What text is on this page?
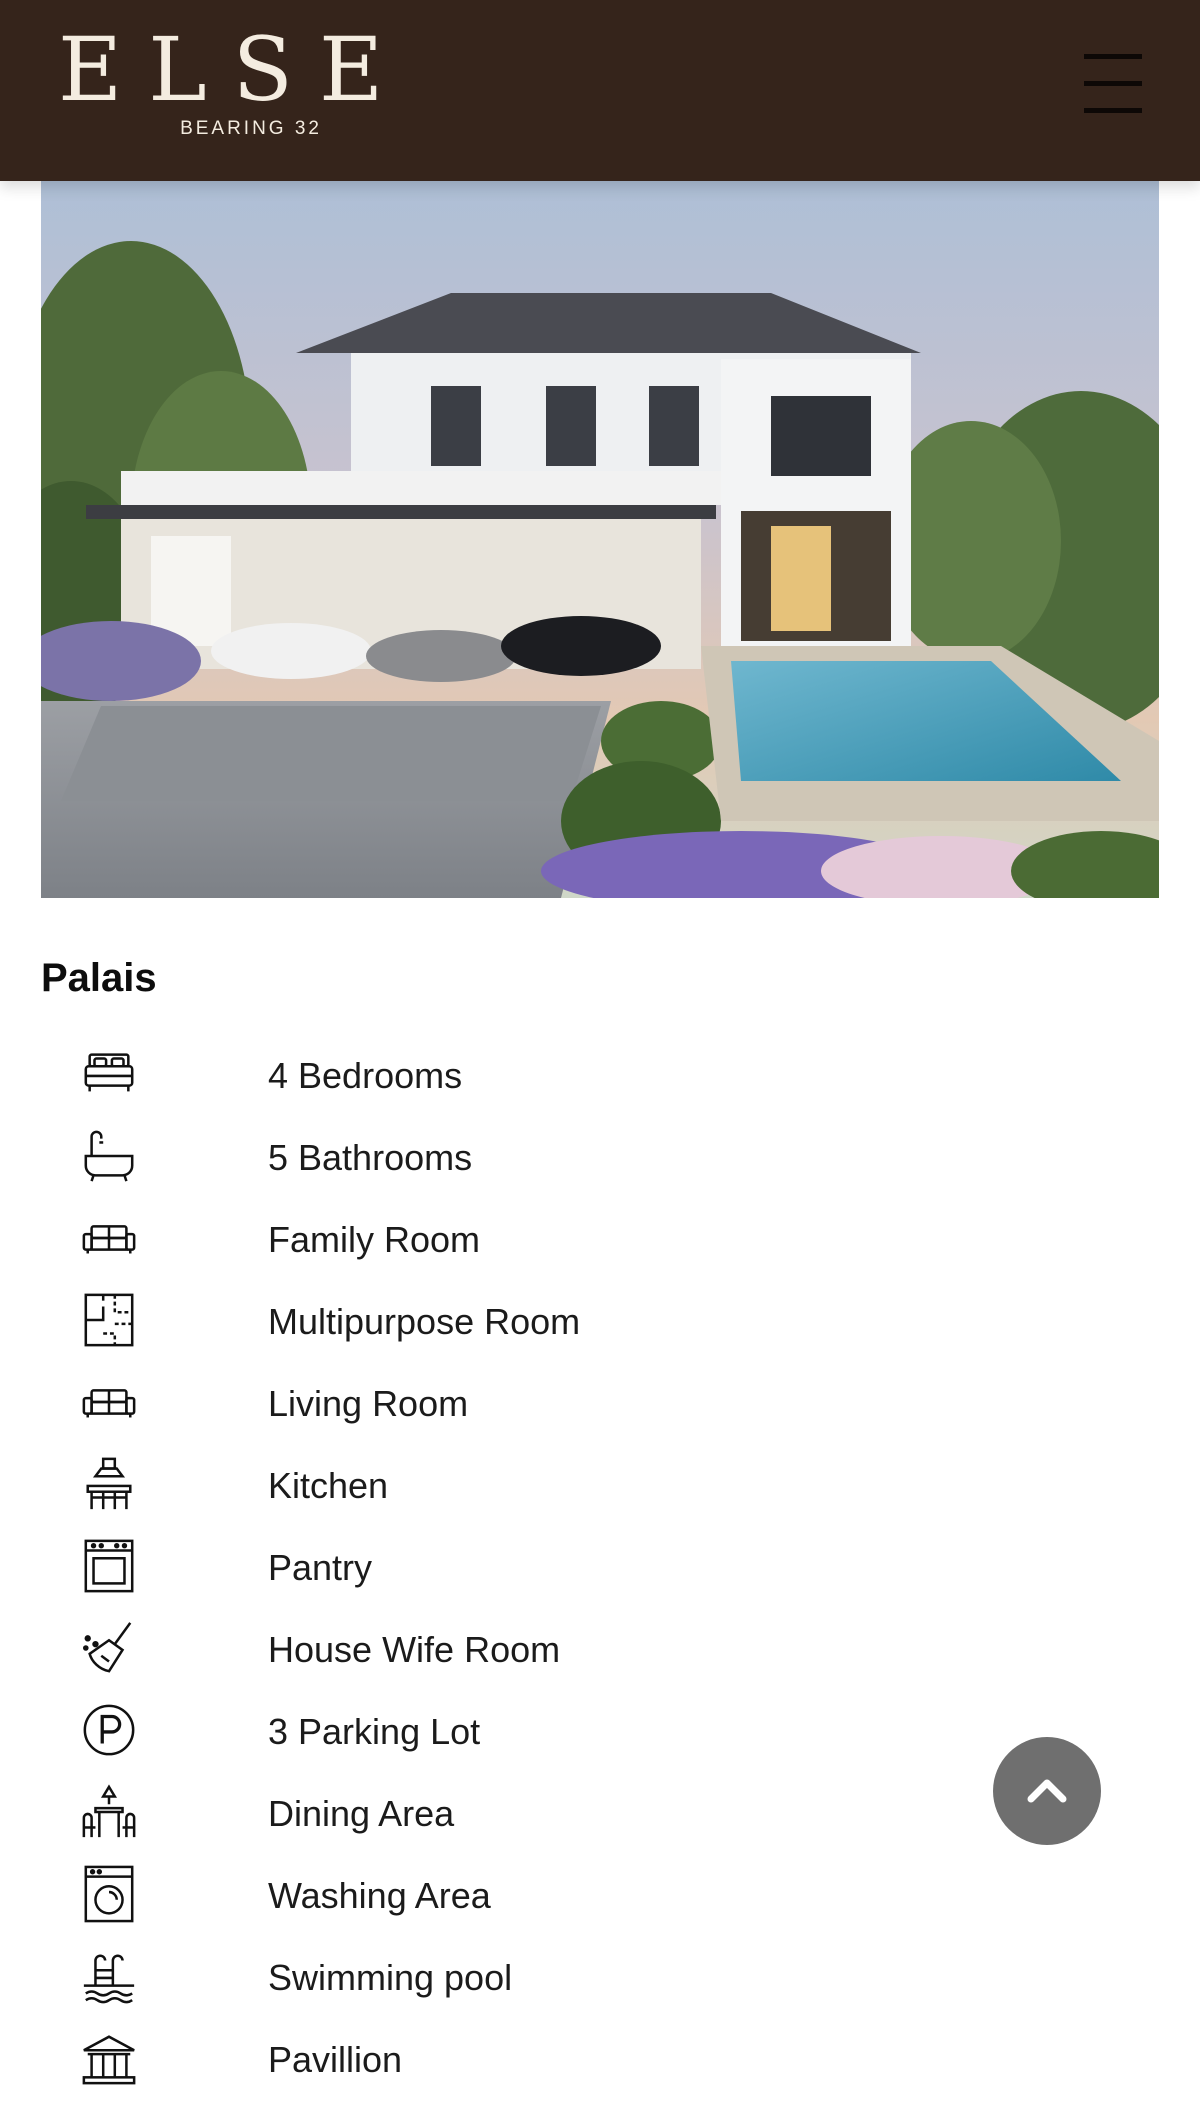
ELSE
BEARING 32
Palais
4 Bedrooms
5 Bathrooms
Family Room
Multipurpose Room
Living Room
Kitchen
Pantry
House Wife Room
3 Parking Lot
Dining Area
Washing Area
Swimming pool
Pavillion
